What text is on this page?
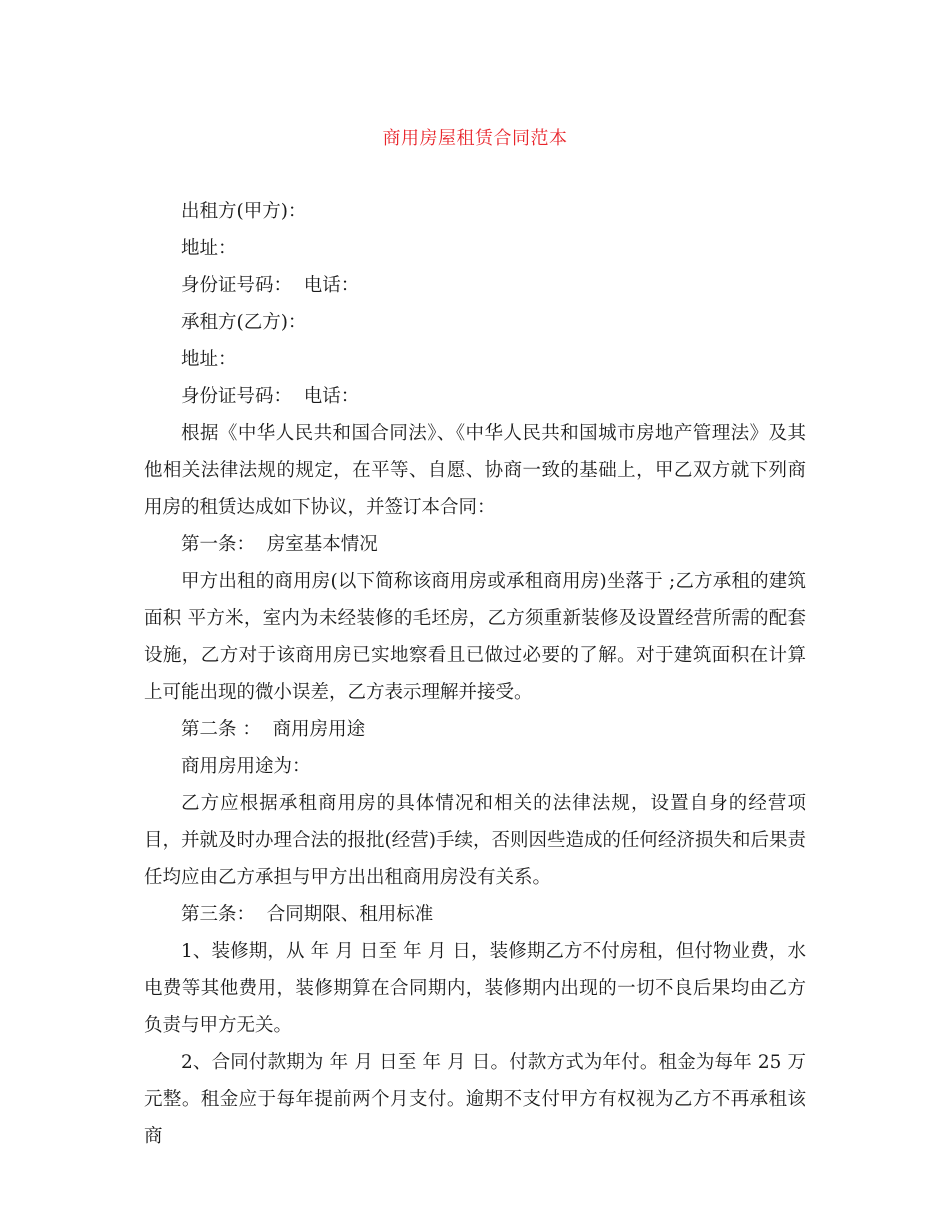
商用房屋租赁合同范本

出租方(甲方)：

地址：

身份证号码：  电话：

承租方(乙方)：

地址：

身份证号码：  电话：

根据《中华人民共和国合同法》、《中华人民共和国城市房地产管理法》及其他相关法律法规的规定，在平等、自愿、协商一致的基础上，甲乙双方就下列商用房的租赁达成如下协议，并签订本合同：

第一条：  房室基本情况

甲方出租的商用房(以下简称该商用房或承租商用房)坐落于 ;乙方承租的建筑面积 平方米，室内为未经装修的毛坯房，乙方须重新装修及设置经营所需的配套设施，乙方对于该商用房已实地察看且已做过必要的了解。对于建筑面积在计算上可能出现的微小误差，乙方表示理解并接受。

第二条 ：  商用房用途

商用房用途为：

乙方应根据承租商用房的具体情况和相关的法律法规，设置自身的经营项目，并就及时办理合法的报批(经营)手续，否则因些造成的任何经济损失和后果责任均应由乙方承担与甲方出出租商用房没有关系。

第三条：  合同期限、租用标准

1、装修期，从 年 月 日至 年 月 日，装修期乙方不付房租，但付物业费，水电费等其他费用，装修期算在合同期内，装修期内出现的一切不良后果均由乙方负责与甲方无关。

2、合同付款期为 年 月 日至 年 月 日。付款方式为年付。租金为每年 25 万元整。租金应于每年提前两个月支付。逾期不支付甲方有权视为乙方不再承租该商
